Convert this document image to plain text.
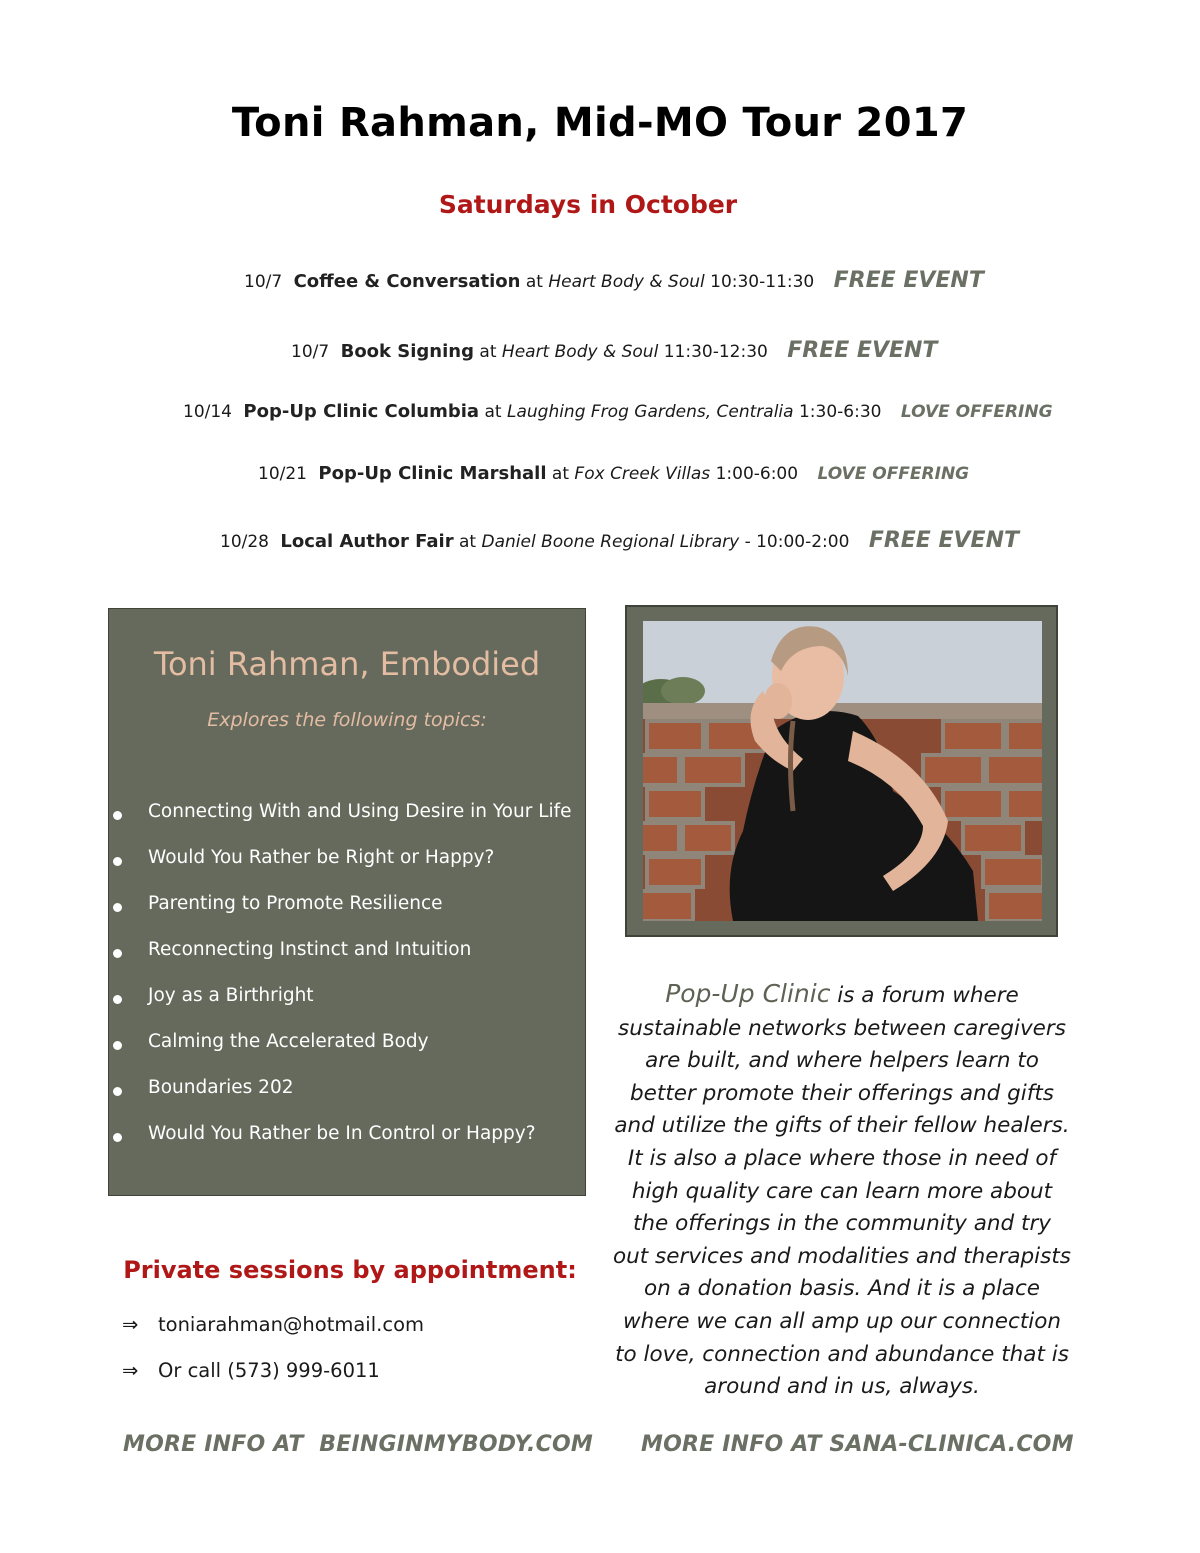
Toni Rahman, Mid-MO Tour 2017
Saturdays in October
10/7 Coffee & Conversation at Heart Body & Soul 10:30-11:30 FREE EVENT
10/7 Book Signing at Heart Body & Soul 11:30-12:30 FREE EVENT
10/14 Pop-Up Clinic Columbia at Laughing Frog Gardens, Centralia 1:30-6:30 LOVE OFFERING
10/21 Pop-Up Clinic Marshall at Fox Creek Villas 1:00-6:00 LOVE OFFERING
10/28 Local Author Fair at Daniel Boone Regional Library - 10:00-2:00 FREE EVENT
Toni Rahman, Embodied
Explores the following topics:
Connecting With and Using Desire in Your Life
Would You Rather be Right or Happy?
Parenting to Promote Resilience
Reconnecting Instinct and Intuition
Joy as a Birthright
Calming the Accelerated Body
Boundaries 202
Would You Rather be In Control or Happy?
Pop-Up Clinic is a forum where sustainable networks between caregivers are built, and where helpers learn to better promote their offerings and gifts and utilize the gifts of their fellow healers. It is also a place where those in need of high quality care can learn more about the offerings in the community and try out services and modalities and therapists on a donation basis. And it is a place where we can all amp up our connection to love, connection and abundance that is around and in us, always.
Private sessions by appointment:
⇒ toniarahman@hotmail.com
⇒ Or call (573) 999-6011
MORE INFO AT  BEINGINMYBODY.COM MORE INFO AT SANA-CLINICA.COM
